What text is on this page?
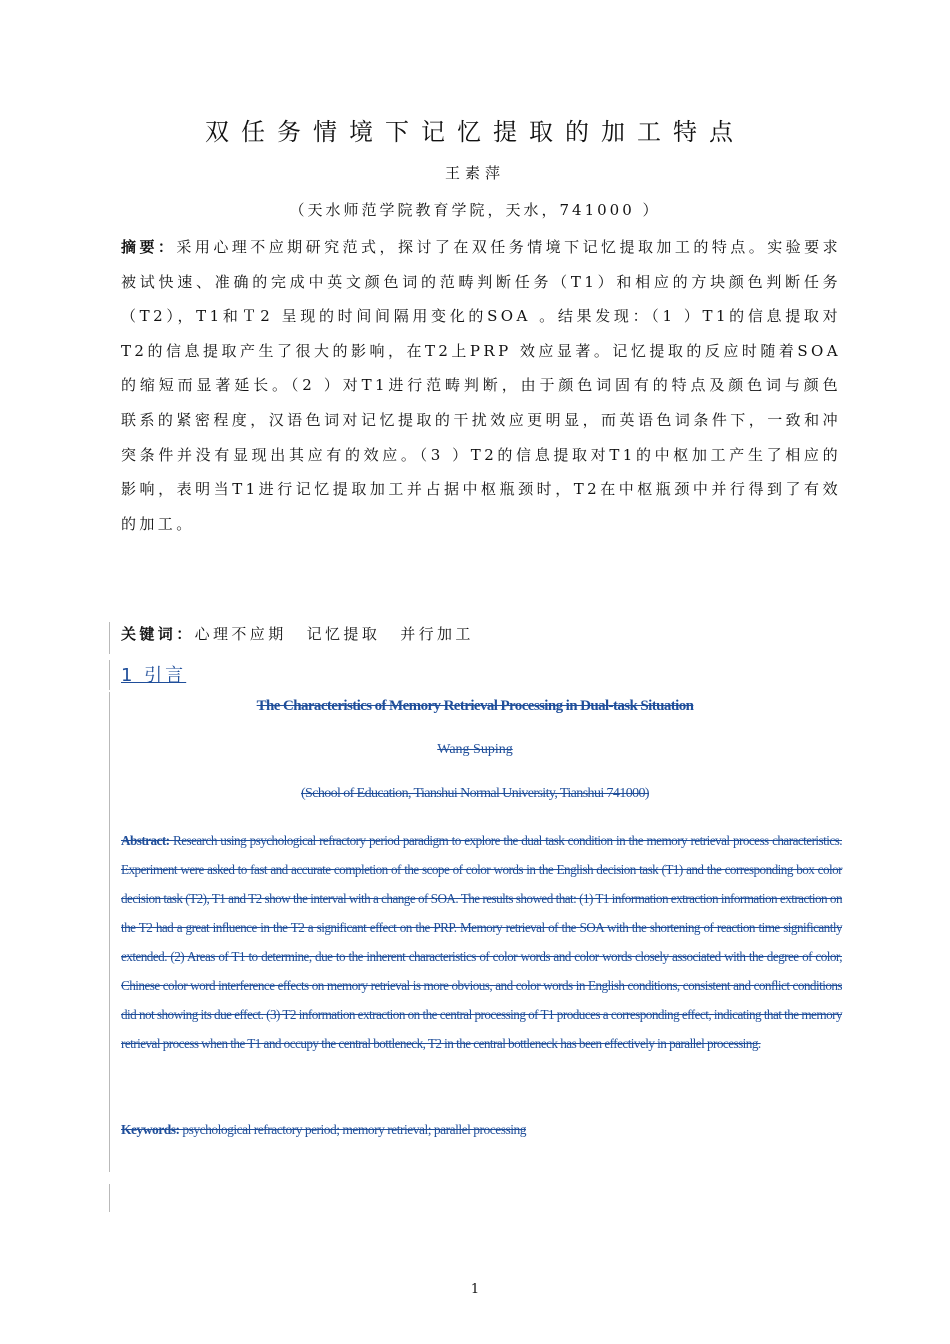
双任务情境下记忆提取的加工特点
王素萍
（天水师范学院教育学院，天水，741000 ）
摘要：采用心理不应期研究范式，探讨了在双任务情境下记忆提取加工的特点。实验要求被试快速、准确的完成中英文颜色词的范畴判断任务（T1）和相应的方块颜色判断任务（T2），T1和Ｔ2 呈现的时间间隔用变化的SOA 。结果发现：（1 ）T1的信息提取对T2的信息提取产生了很大的影响，在T2上PRP 效应显著。记忆提取的反应时随着SOA 的缩短而显著延长。（2 ）对T1进行范畴判断，由于颜色词固有的特点及颜色词与颜色联系的紧密程度，汉语色词对记忆提取的干扰效应更明显，而英语色词条件下，一致和冲突条件并没有显现出其应有的效应。（3 ）T2的信息提取对T1的中枢加工产生了相应的影响，表明当T1进行记忆提取加工并占据中枢瓶颈时，T2在中枢瓶颈中并行得到了有效的加工。
关键词：心理不应期 记忆提取 并行加工
1 引言
The Characteristics of Memory Retrieval Processing in Dual-task Situation
Wang Suping
(School of Education, Tianshui Normal University, Tianshui 741000)
Abstract: Research using psychological refractory period paradigm to explore the dual task condition in the memory retrieval process characteristics. Experiment were asked to fast and accurate completion of the scope of color words in the English decision task (T1) and the corresponding box color decision task (T2), T1 and T2 show the interval with a change of SOA. The results showed that: (1) T1 information extraction information extraction on the T2 had a great influence in the T2 a significant effect on the PRP. Memory retrieval of the SOA with the shortening of reaction time significantly extended. (2) Areas of T1 to determine, due to the inherent characteristics of color words and color words closely associated with the degree of color, Chinese color word interference effects on memory retrieval is more obvious, and color words in English conditions, consistent and conflict conditions did not showing its due effect. (3) T2 information extraction on the central processing of T1 produces a corresponding effect, indicating that the memory retrieval process when the T1 and occupy the central bottleneck, T2 in the central bottleneck has been effectively in parallel processing.
Keywords: psychological refractory period; memory retrieval; parallel processing
1
